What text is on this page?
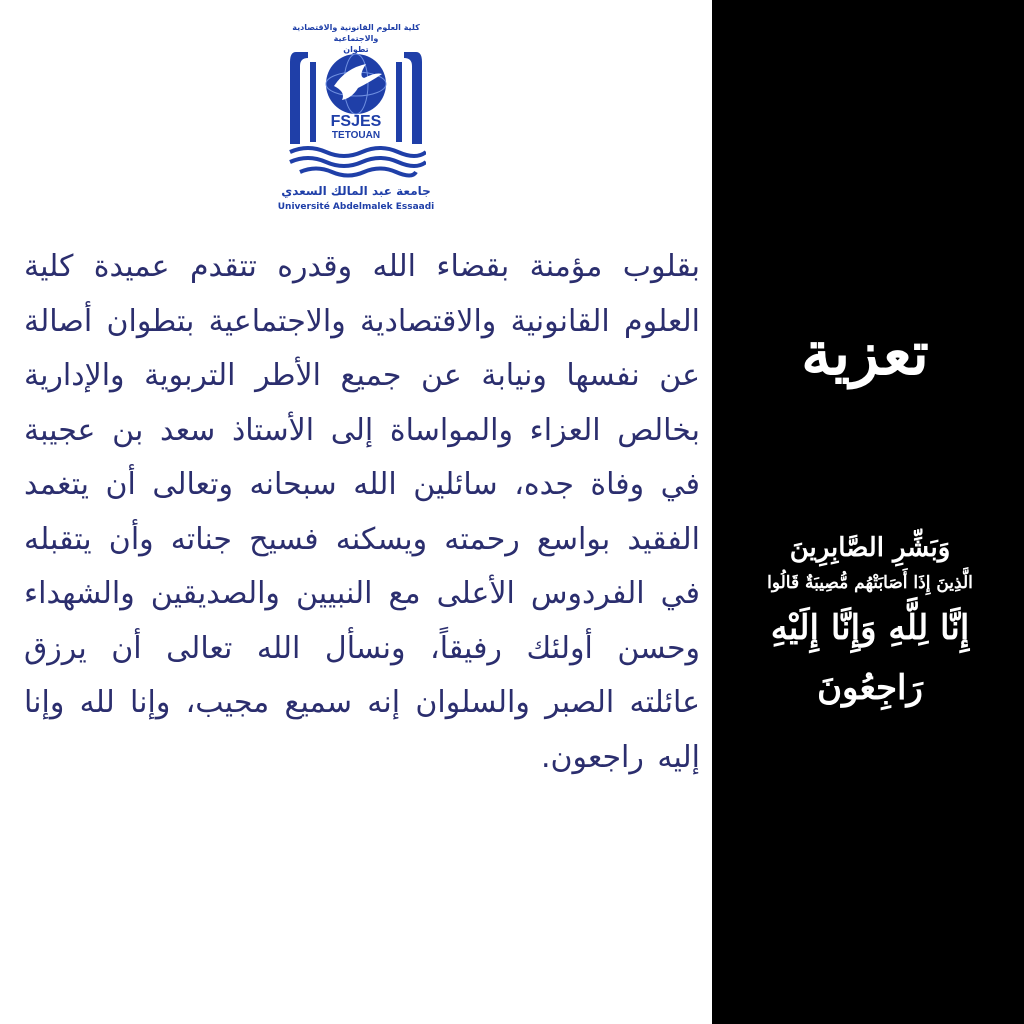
كلية العلوم القانونية والاقتصادية والاجتماعية
تطوان
FSJES
TETOUAN
جامعة عبد المالك السعدي
Université Abdelmalek Essaadi
بقلوب مؤمنة بقضاء الله وقدره تتقدم عميدة كلية العلوم القانونية والاقتصادية والاجتماعية بتطوان أصالة عن نفسها ونيابة عن جميع الأطر التربوية والإدارية بخالص العزاء والمواساة إلى الأستاذ سعد بن عجيبة في وفاة جده، سائلين الله سبحانه وتعالى أن يتغمد الفقيد بواسع رحمته ويسكنه فسيح جناته وأن يتقبله في الفردوس الأعلى مع النبيين والصديقين والشهداء وحسن أولئك رفيقاً، ونسأل الله تعالى أن يرزق عائلته الصبر والسلوان إنه سميع مجيب، وإنا لله وإنا إليه راجعون.
تعزية
وَبَشِّرِ الصَّابِرِينَ
الَّذِينَ إِذَا أَصَابَتْهُم مُّصِيبَةٌ قَالُوا
إِنَّا لِلَّهِ وَإِنَّا إِلَيْهِ رَاجِعُونَ
